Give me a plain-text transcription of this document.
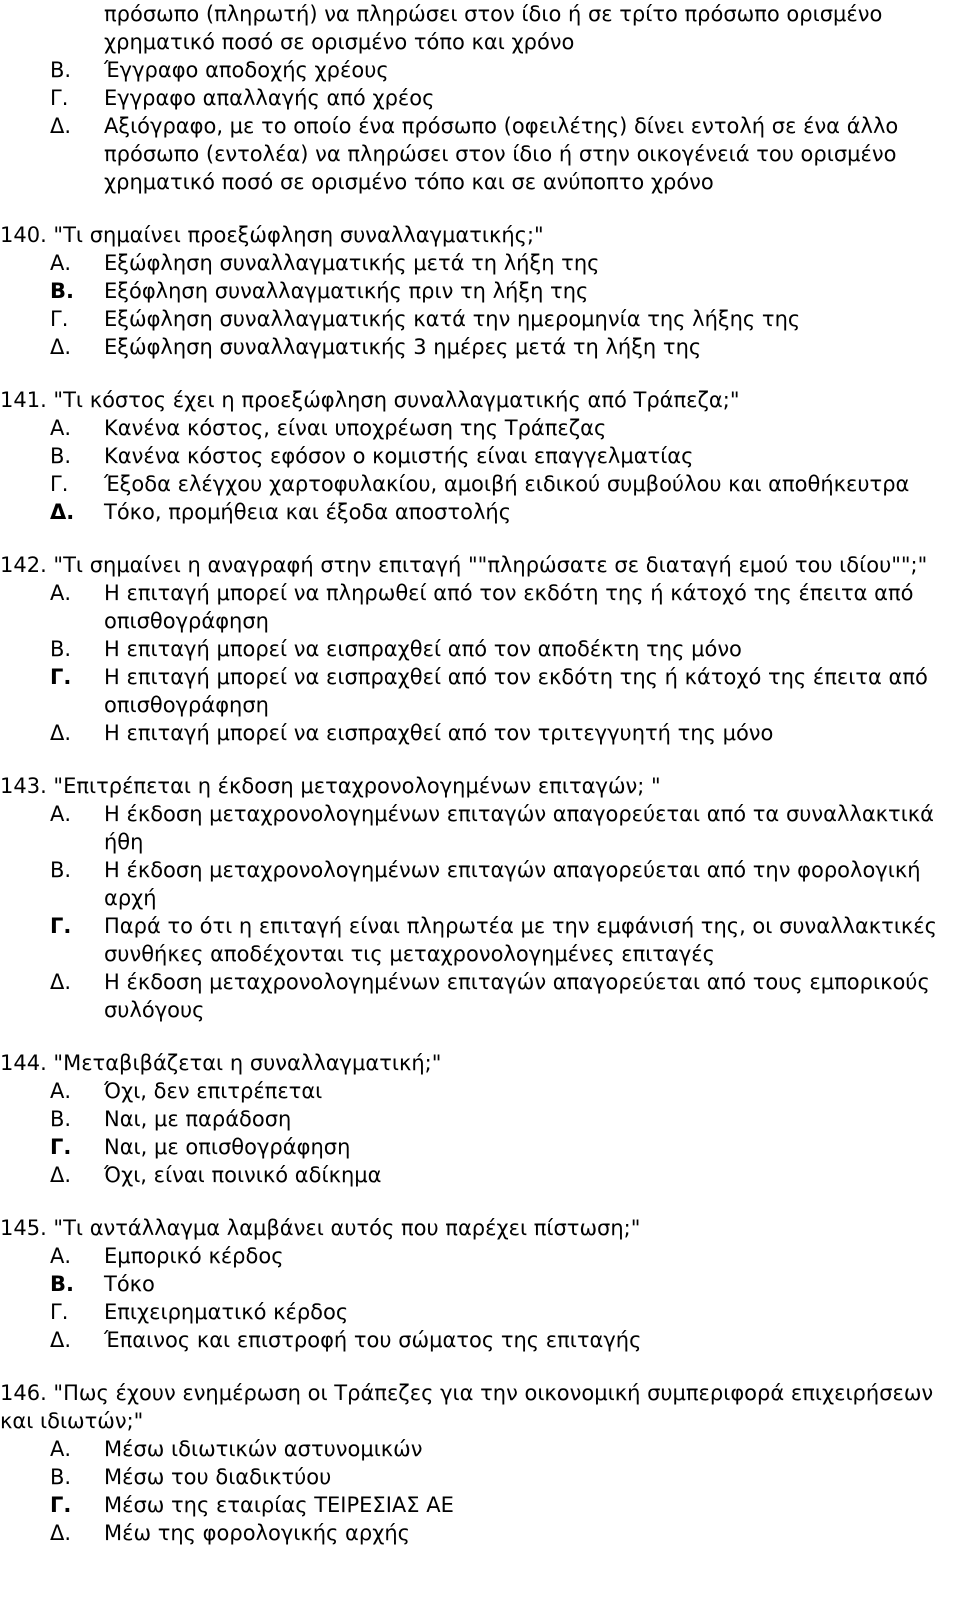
πρόσωπο (πληρωτή) να πληρώσει στον ίδιο ή σε τρίτο πρόσωπο ορισμένο
χρηματικό ποσό σε ορισμένο τόπο και χρόνο
Β.	Έγγραφο αποδοχής χρέους
Γ.	Εγγραφο απαλλαγής από χρέος
Δ.	Αξιόγραφο, με το οποίο ένα πρόσωπο (οφειλέτης) δίνει εντολή σε ένα άλλο πρόσωπο (εντολέα) να πληρώσει στον ίδιο ή στην οικογένειά του ορισμένο χρηματικό ποσό σε ορισμένο τόπο και σε ανύποπτο χρόνο
140. "Τι σημαίνει προεξώφληση συναλλαγματικής;"
Α.	Εξώφληση συναλλαγματικής μετά τη λήξη της
Β.	Εξόφληση συναλλαγματικής πριν τη λήξη της
Γ.	Εξώφληση συναλλαγματικής κατά την ημερομηνία της λήξης της
Δ.	Εξώφληση συναλλαγματικής 3 ημέρες μετά τη λήξη της
141. "Τι κόστος έχει η προεξώφληση συναλλαγματικής από Τράπεζα;"
Α.	Κανένα κόστος, είναι υποχρέωση της Τράπεζας
Β.	Κανένα κόστος εφόσον ο κομιστής είναι επαγγελματίας
Γ.	Έξοδα ελέγχου χαρτοφυλακίου, αμοιβή ειδικού συμβούλου και αποθήκευτρα
Δ.	Τόκο, προμήθεια και έξοδα αποστολής
142. "Τι σημαίνει η αναγραφή στην επιταγή ""πληρώσατε σε διαταγή εμού του ιδίου"";"
Α.	Η επιταγή μπορεί να πληρωθεί από τον εκδότη της ή κάτοχό της έπειτα από οπισθογράφηση
Β.	Η επιταγή μπορεί να εισπραχθεί από τον αποδέκτη της μόνο
Γ.	Η επιταγή μπορεί να εισπραχθεί από τον εκδότη της ή κάτοχό της έπειτα από οπισθογράφηση
Δ.	Η επιταγή μπορεί να εισπραχθεί από τον τριτεγγυητή της μόνο
143. "Επιτρέπεται η έκδοση μεταχρονολογημένων επιταγών; "
Α.	Η έκδοση μεταχρονολογημένων επιταγών απαγορεύεται από τα συναλλακτικά ήθη
Β.	Η έκδοση μεταχρονολογημένων επιταγών απαγορεύεται από την φορολογική αρχή
Γ.	Παρά το ότι η επιταγή είναι πληρωτέα με την εμφάνισή της, οι συναλλακτικές συνθήκες αποδέχονται τις μεταχρονολογημένες επιταγές
Δ.	Η έκδοση μεταχρονολογημένων επιταγών απαγορεύεται από τους εμπορικούς συλόγους
144. "Μεταβιβάζεται η συναλλαγματική;"
Α.	Όχι, δεν επιτρέπεται
Β.	Ναι, με παράδοση
Γ.	Ναι, με οπισθογράφηση
Δ.	Όχι, είναι ποινικό αδίκημα
145. "Τι αντάλλαγμα λαμβάνει αυτός που παρέχει πίστωση;"
Α.	Εμπορικό κέρδος
Β.	Τόκο
Γ.	Επιχειρηματικό κέρδος
Δ.	Έπαινος και επιστροφή του σώματος της επιταγής
146. "Πως έχουν ενημέρωση οι Τράπεζες για την οικονομική συμπεριφορά επιχειρήσεων και ιδιωτών;"
Α.	Μέσω ιδιωτικών αστυνομικών
Β.	Μέσω του διαδικτύου
Γ.	Μέσω της εταιρίας ΤΕΙΡΕΣΙΑΣ ΑΕ
Δ.	Μέω της φορολογικής αρχής
